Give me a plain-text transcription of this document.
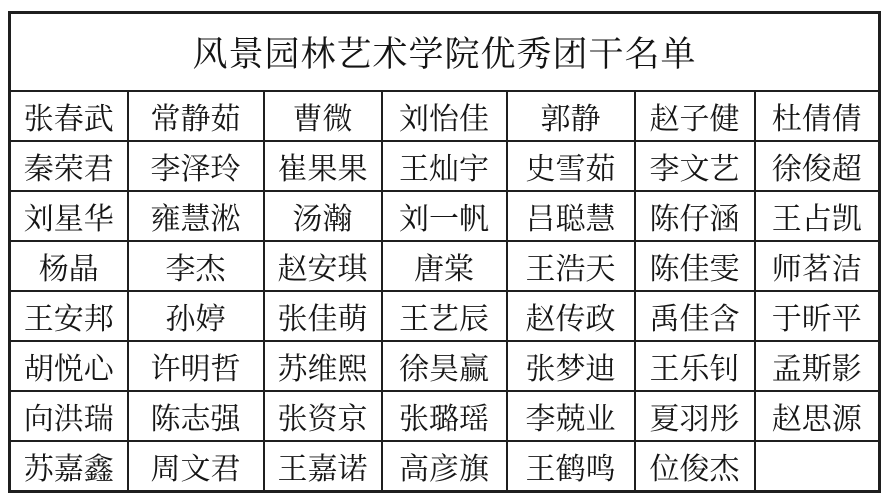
风景园林艺术学院优秀团干名单						
张春武	常静茹	曹微	刘怡佳	郭静	赵子健	杜倩倩
秦荣君	李泽玲	崔果果	王灿宇	史雪茹	李文艺	徐俊超
刘星华	雍慧淞	汤瀚	刘一帆	吕聪慧	陈仔涵	王占凯
杨晶	李杰	赵安琪	唐棠	王浩天	陈佳雯	师茗洁
王安邦	孙婷	张佳萌	王艺辰	赵传政	禹佳含	于昕平
胡悦心	许明哲	苏维熙	徐昊赢	张梦迪	王乐钊	孟斯影
向洪瑞	陈志强	张资京	张璐瑶	李兢业	夏羽彤	赵思源
苏嘉鑫	周文君	王嘉诺	高彦旗	王鹤鸣	位俊杰	
